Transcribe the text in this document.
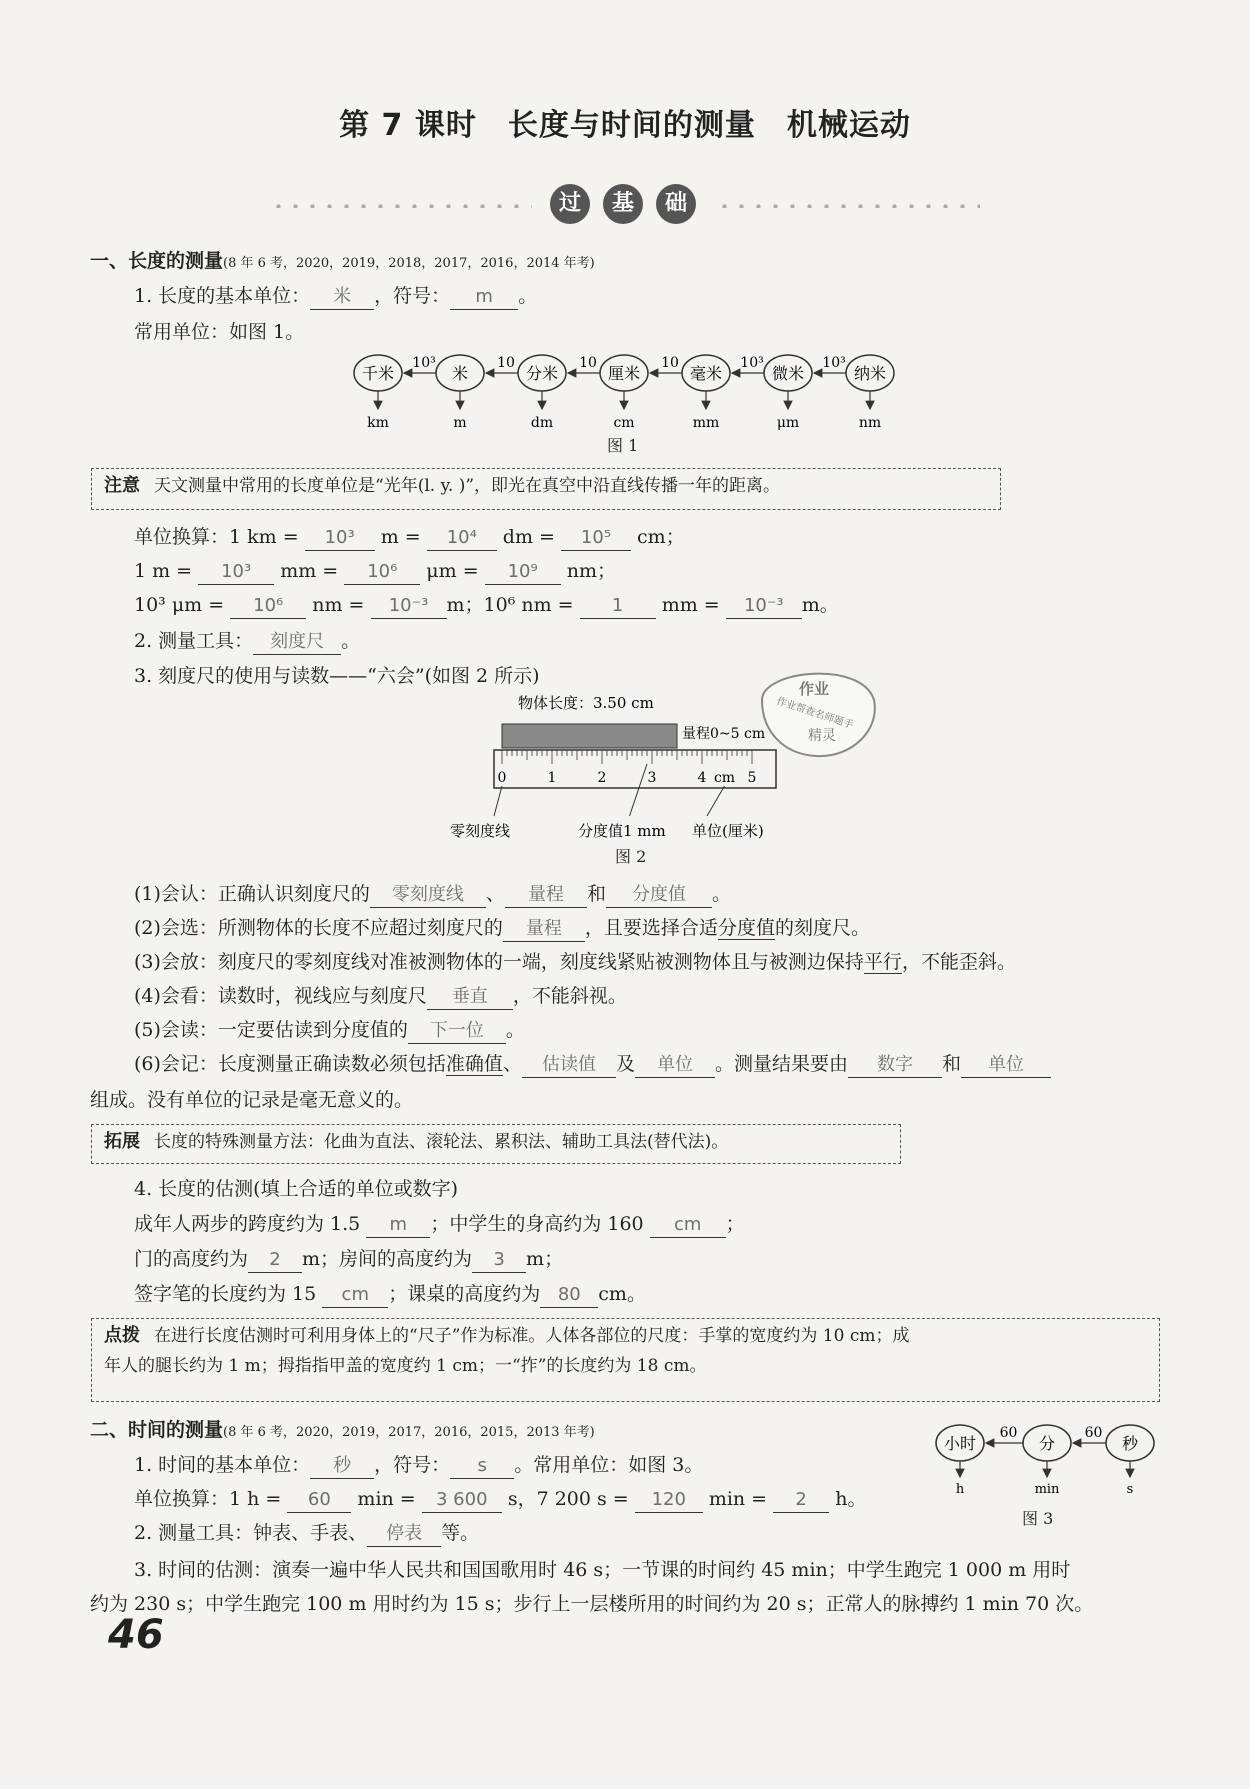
第 7 课时　长度与时间的测量　机械运动
过	基	础
一、长度的测量(8 年 6 考，2020，2019，2018，2017，2016，2014 年考)
1. 长度的基本单位： 米 ，符号： m 。
常用单位：如图 1。
千米
km
米
m
分米
dm
厘米
cm
毫米
mm
微米
μm
纳米
nm
10³	10	10	10	10³	10³
图 1
注意 天文测量中常用的长度单位是“光年(l. y. )”，即光在真空中沿直线传播一年的距离。
单位换算：1 km = 10³ m = 10⁴ dm = 10⁵ cm；
1 m = 10³ mm = 10⁶ μm = 10⁹ nm；
10³ μm = 10⁶ nm = 10⁻³ m；10⁶ nm = 1 mm = 10⁻³ m。
2. 测量工具： 刻度尺 。
3. 刻度尺的使用与读数——“六会”(如图 2 所示)
物体长度：3.50 cm
量程0~5 cm
0	1	2	3	4 cm 5
零刻度线	分度值1 mm 单位(厘米)
图 2
作业
作业帮查名师题手
精灵
(1)会认：正确认识刻度尺的 零刻度线 、 量程 和 分度值 。
(2)会选：所测物体的长度不应超过刻度尺的 量程 ，且要选择合适分度值的刻度尺。
(3)会放：刻度尺的零刻度线对准被测物体的一端，刻度线紧贴被测物体且与被测边保持平行，不能歪斜。
(4)会看：读数时，视线应与刻度尺 垂直 ，不能斜视。
(5)会读：一定要估读到分度值的 下一位 。
(6)会记：长度测量正确读数必须包括准确值、 估读值 及 单位 。测量结果要由 数字 和 单位
组成。没有单位的记录是毫无意义的。
拓展 长度的特殊测量方法：化曲为直法、滚轮法、累积法、辅助工具法(替代法)。
4. 长度的估测(填上合适的单位或数字)
成年人两步的跨度约为 1.5 m ；中学生的身高约为 160 cm ；
门的高度约为 2 m；房间的高度约为 3 m；
签字笔的长度约为 15 cm ；课桌的高度约为 80 cm。
点拨 在进行长度估测时可利用身体上的“尺子”作为标准。人体各部位的尺度：手掌的宽度约为 10 cm；成
年人的腿长约为 1 m；拇指指甲盖的宽度约 1 cm；一“拃”的长度约为 18 cm。
二、时间的测量(8 年 6 考，2020，2019，2017，2016，2015，2013 年考)
1. 时间的基本单位： 秒 ，符号： s 。常用单位：如图 3。
单位换算：1 h = 60 min = 3 600 s，7 200 s = 120 min = 2 h。
2. 测量工具：钟表、手表、 停表 等。
3. 时间的估测：演奏一遍中华人民共和国国歌用时 46 s；一节课的时间约 45 min；中学生跑完 1 000 m 用时
约为 230 s；中学生跑完 100 m 用时约为 15 s；步行上一层楼所用的时间约为 20 s；正常人的脉搏约 1 min 70 次。
小时
h
分
min
秒
s
60	60
图 3
46
